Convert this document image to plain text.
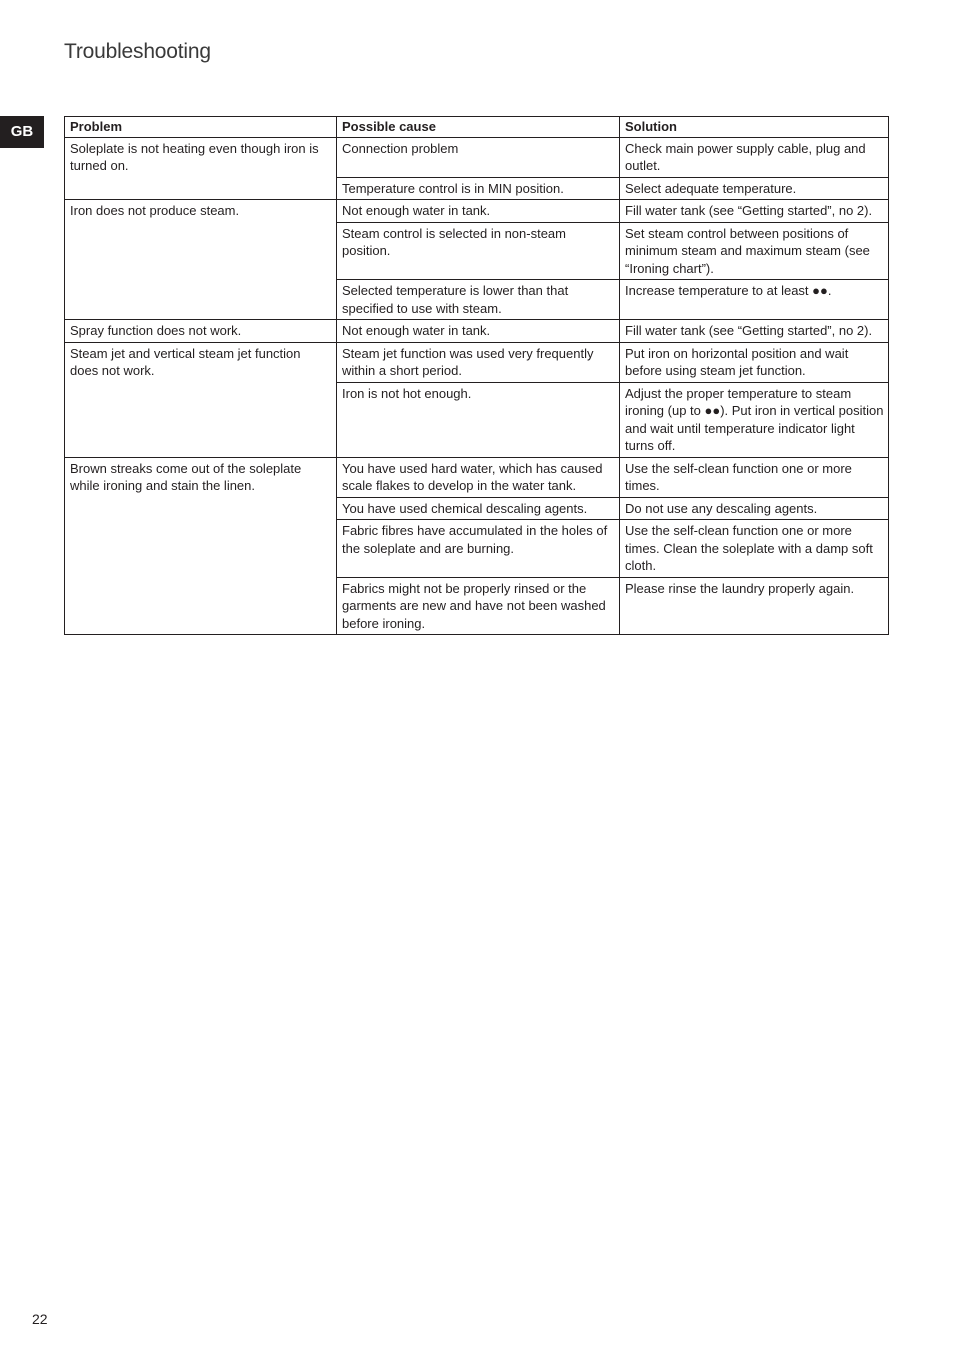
Troubleshooting
GB	Problem	Possible cause	Solution
Soleplate is not heating even though iron is turned on.	Connection problem	Check main power supply cable, plug and outlet.
	Temperature control is in MIN position.	Select adequate temperature.
Iron does not produce steam.	Not enough water in tank.	Fill water tank (see “Getting started”, no 2).
	Steam control is selected in non-steam position.	Set steam control between positions of minimum steam and maximum steam (see “Ironing chart”).
	Selected temperature is lower than that specified to use with steam.	Increase temperature to at least ●●.
Spray function does not work.	Not enough water in tank.	Fill water tank (see “Getting started”, no 2).
Steam jet and vertical steam jet function does not work.	Steam jet function was used very frequently within a short period.	Put iron on horizontal position and wait before using steam jet function.
	Iron is not hot enough.	Adjust the proper temperature to steam ironing (up to ●●). Put iron in vertical position and wait until temperature indicator light turns off.
Brown streaks come out of the soleplate while ironing and stain the linen.	You have used hard water, which has caused scale flakes to develop in the water tank.	Use the self-clean function one or more times.
	You have used chemical descaling agents.	Do not use any descaling agents.
	Fabric fibres have accumulated in the holes of the soleplate and are burning.	Use the self-clean function one or more times. Clean the soleplate with a damp soft cloth.
	Fabrics might not be properly rinsed or the garments are new and have not been washed before ironing.	Please rinse the laundry properly again.
22
